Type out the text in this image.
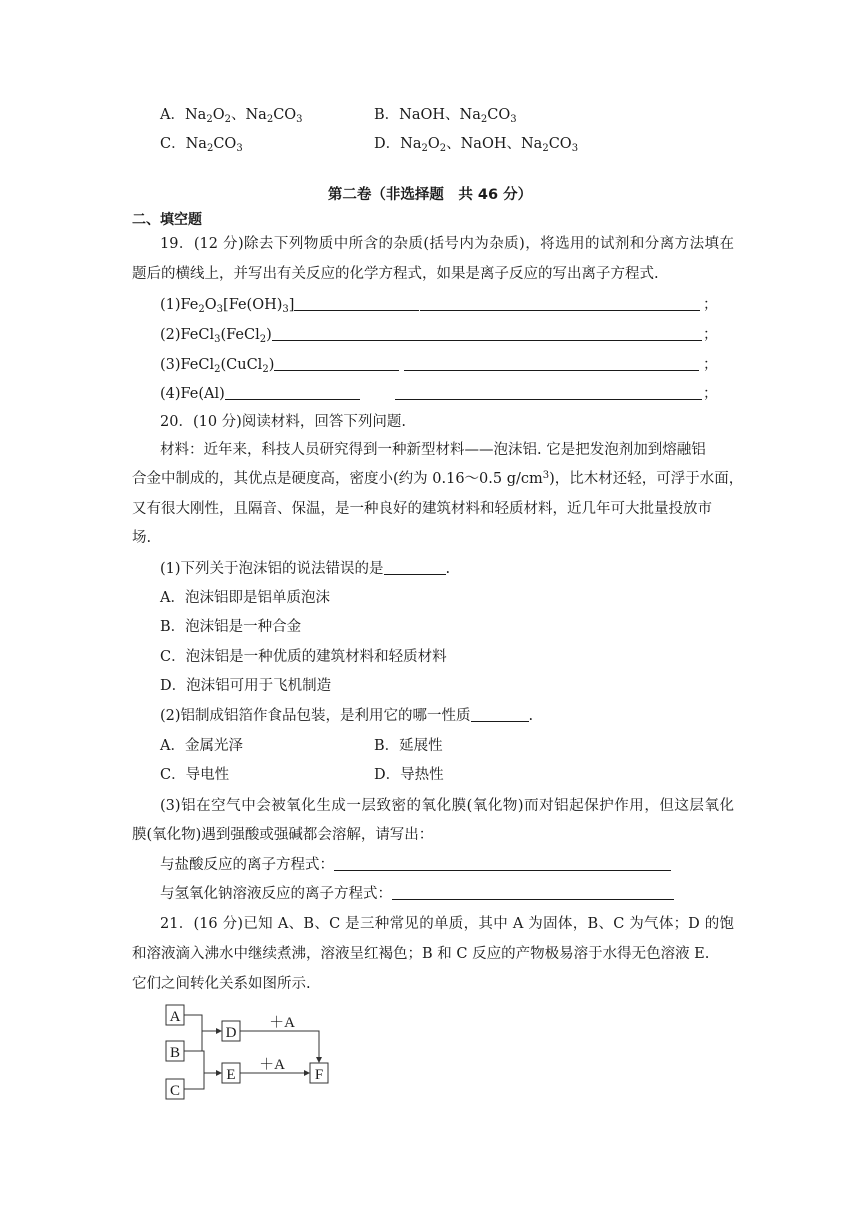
A．$Na_2O_2$、$Na_2CO_3$	B．NaOH、$Na_2CO_3$
C．$Na_2CO_3$	D．$Na_2O_2$、NaOH、$Na_2CO_3$
第二卷（非选择题　共 46 分）
二、填空题
19．(12 分)除去下列物质中所含的杂质(括号内为杂质)，将选用的试剂和分离方法填在
题后的横线上，并写出有关反应的化学方程式，如果是离子反应的写出离子方程式.
$(1)Fe_2O_3[Fe(OH)_3]$	；
(2)FeCl$_3$(FeCl$_2$)	；
(3)FeCl$_2$(CuCl$_2$)	；
(4)Fe(Al)	；
20．(10 分)阅读材料，回答下列问题.
材料：近年来，科技人员研究得到一种新型材料——泡沫铝. 它是把发泡剂加到熔融铝
合金中制成的，其优点是硬度高，密度小(约为 0.16～0.5 $g/cm^3$)，比木材还轻，可浮于水面，
又有很大刚性，且隔音、保温，是一种良好的建筑材料和轻质材料，近几年可大批量投放市
场.
(1)下列关于泡沫铝的说法错误的是	.
A．泡沫铝即是铝单质泡沫
B．泡沫铝是一种合金
C．泡沫铝是一种优质的建筑材料和轻质材料
D．泡沫铝可用于飞机制造
(2)铝制成铝箔作食品包装，是利用它的哪一性质	.
A．金属光泽	B．延展性
C．导电性	D．导热性
(3)铝在空气中会被氧化生成一层致密的氧化膜(氧化物)而对铝起保护作用，但这层氧化
膜(氧化物)遇到强酸或强碱都会溶解，请写出：
与盐酸反应的离子方程式：
与氢氧化钠溶液反应的离子方程式：
21．(16 分)已知 A、B、C 是三种常见的单质，其中 A 为固体，B、C 为气体；D 的饱
和溶液滴入沸水中继续煮沸，溶液呈红褐色；B 和 C 反应的产物极易溶于水得无色溶液 E.
它们之间转化关系如图所示.
A
B
C
D
E	F
＋A
＋A
